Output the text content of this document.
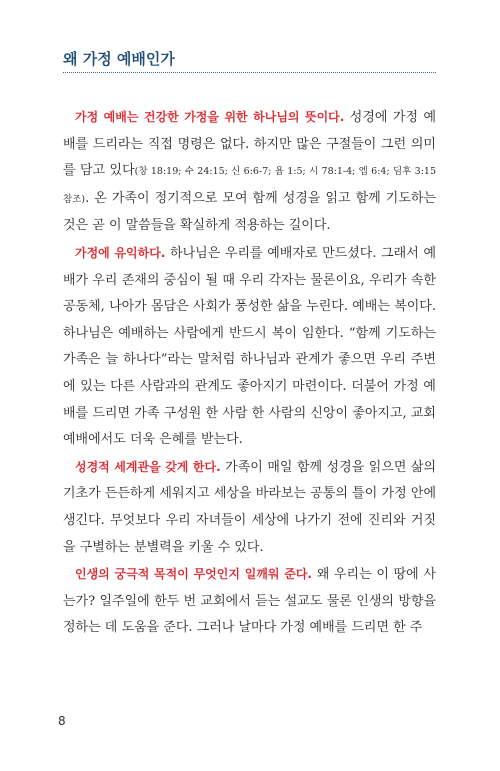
왜 가정 예배인가

가정 예배는 건강한 가정을 위한 하나님의 뜻이다. 성경에 가정 예배를 드리라는 직접 명령은 없다. 하지만 많은 구절들이 그런 의미를 담고 있다(창 18:19; 수 24:15; 신 6:6-7; 욥 1:5; 시 78:1-4; 엡 6:4; 딤후 3:15 참조). 온 가족이 정기적으로 모여 함께 성경을 읽고 함께 기도하는 것은 곧 이 말씀들을 확실하게 적용하는 길이다.

가정에 유익하다. 하나님은 우리를 예배자로 만드셨다. 그래서 예배가 우리 존재의 중심이 될 때 우리 각자는 물론이요, 우리가 속한 공동체, 나아가 몸담은 사회가 풍성한 삶을 누린다. 예배는 복이다. 하나님은 예배하는 사람에게 반드시 복이 임한다. “함께 기도하는 가족은 늘 하나다”라는 말처럼 하나님과 관계가 좋으면 우리 주변에 있는 다른 사람과의 관계도 좋아지기 마련이다. 더불어 가정 예배를 드리면 가족 구성원 한 사람 한 사람의 신앙이 좋아지고, 교회 예배에서도 더욱 은혜를 받는다.

성경적 세계관을 갖게 한다. 가족이 매일 함께 성경을 읽으면 삶의 기초가 든든하게 세워지고 세상을 바라보는 공통의 틀이 가정 안에 생긴다. 무엇보다 우리 자녀들이 세상에 나가기 전에 진리와 거짓을 구별하는 분별력을 키울 수 있다.

인생의 궁극적 목적이 무엇인지 일깨워 준다. 왜 우리는 이 땅에 사는가? 일주일에 한두 번 교회에서 듣는 설교도 물론 인생의 방향을 정하는 데 도움을 준다. 그러나 날마다 가정 예배를 드리면 한 주

8
